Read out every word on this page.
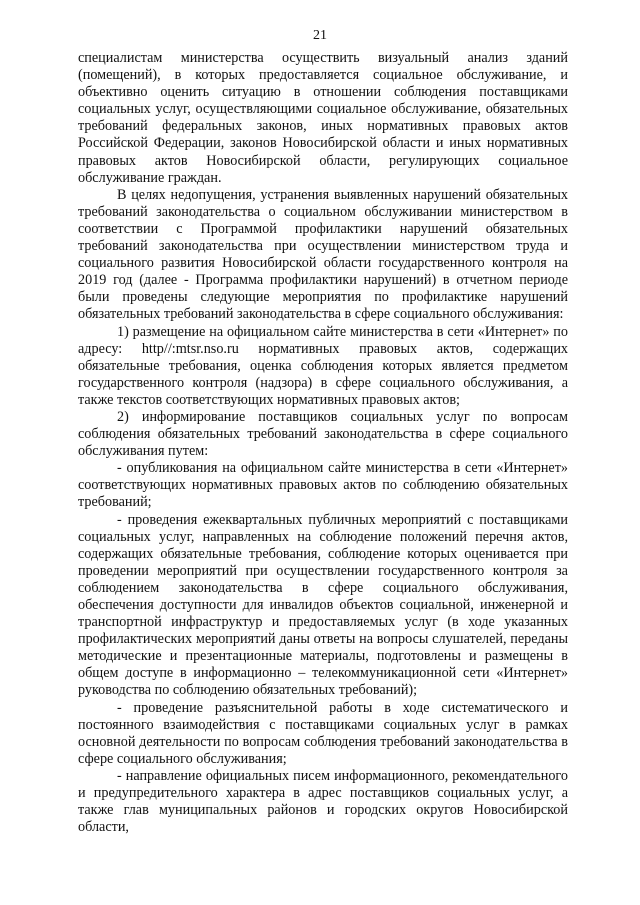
21

специалистам министерства осуществить визуальный анализ зданий (помещений), в которых предоставляется социальное обслуживание, и объективно оценить ситуацию в отношении соблюдения поставщиками социальных услуг, осуществляющими социальное обслуживание, обязательных требований федеральных законов, иных нормативных правовых актов Российской Федерации, законов Новосибирской области и иных нормативных правовых актов Новосибирской области, регулирующих социальное обслуживание граждан.

В целях недопущения, устранения выявленных нарушений обязательных требований законодательства о социальном обслуживании министерством в соответствии с Программой профилактики нарушений обязательных требований законодательства при осуществлении министерством труда и социального развития Новосибирской области государственного контроля на 2019 год (далее - Программа профилактики нарушений) в отчетном периоде были проведены следующие мероприятия по профилактике нарушений обязательных требований законодательства в сфере социального обслуживания:

1) размещение на официальном сайте министерства в сети «Интернет» по адресу: http//:mtsr.nso.ru нормативных правовых актов, содержащих обязательные требования, оценка соблюдения которых является предметом государственного контроля (надзора) в сфере социального обслуживания, а также текстов соответствующих нормативных правовых актов;

2) информирование поставщиков социальных услуг по вопросам соблюдения обязательных требований законодательства в сфере социального обслуживания путем:

- опубликования на официальном сайте министерства в сети «Интернет» соответствующих нормативных правовых актов по соблюдению обязательных требований;

- проведения ежеквартальных публичных мероприятий с поставщиками социальных услуг, направленных на соблюдение положений перечня актов, содержащих обязательные требования, соблюдение которых оценивается при проведении мероприятий при осуществлении государственного контроля за соблюдением законодательства в сфере социального обслуживания, обеспечения доступности для инвалидов объектов социальной, инженерной и транспортной инфраструктур и предоставляемых услуг (в ходе указанных профилактических мероприятий даны ответы на вопросы слушателей, переданы методические и презентационные материалы, подготовлены и размещены в общем доступе в информационно – телекоммуникационной сети «Интернет» руководства по соблюдению обязательных требований);

- проведение разъяснительной работы в ходе систематического и постоянного взаимодействия с поставщиками социальных услуг в рамках основной деятельности по вопросам соблюдения требований законодательства в сфере социального обслуживания;

- направление официальных писем информационного, рекомендательного и предупредительного характера в адрес поставщиков социальных услуг, а также глав муниципальных районов и городских округов Новосибирской области,
